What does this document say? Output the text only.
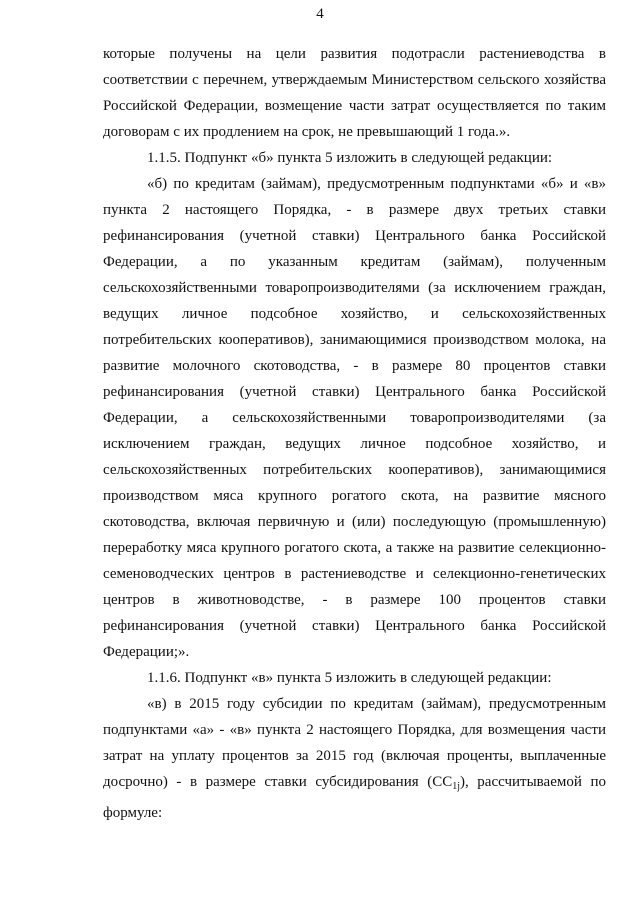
4

которые получены на цели развития подотрасли растениеводства в соответствии с перечнем, утверждаемым Министерством сельского хозяйства Российской Федерации, возмещение части затрат осуществляется по таким договорам с их продлением на срок, не превышающий 1 года.».

1.1.5. Подпункт «б» пункта 5 изложить в следующей редакции:

«б) по кредитам (займам), предусмотренным подпунктами «б» и «в» пункта 2 настоящего Порядка, - в размере двух третьих ставки рефинансирования (учетной ставки) Центрального банка Российской Федерации, а по указанным кредитам (займам), полученным сельскохозяйственными товаропроизводителями (за исключением граждан, ведущих личное подсобное хозяйство, и сельскохозяйственных потребительских кооперативов), занимающимися производством молока, на развитие молочного скотоводства, - в размере 80 процентов ставки рефинансирования (учетной ставки) Центрального банка Российской Федерации, а сельскохозяйственными товаропроизводителями (за исключением граждан, ведущих личное подсобное хозяйство, и сельскохозяйственных потребительских кооперативов), занимающимися производством мяса крупного рогатого скота, на развитие мясного скотоводства, включая первичную и (или) последующую (промышленную) переработку мяса крупного рогатого скота, а также на развитие селекционно-семеноводческих центров в растениеводстве и селекционно-генетических центров в животноводстве, - в размере 100 процентов ставки рефинансирования (учетной ставки) Центрального банка Российской Федерации;».

1.1.6. Подпункт «в» пункта 5 изложить в следующей редакции:

«в) в 2015 году субсидии по кредитам (займам), предусмотренным подпунктами «а» - «в» пункта 2 настоящего Порядка, для возмещения части затрат на уплату процентов за 2015 год (включая проценты, выплаченные досрочно) - в размере ставки субсидирования $(СС_{1j})$, рассчитываемой по формуле:
